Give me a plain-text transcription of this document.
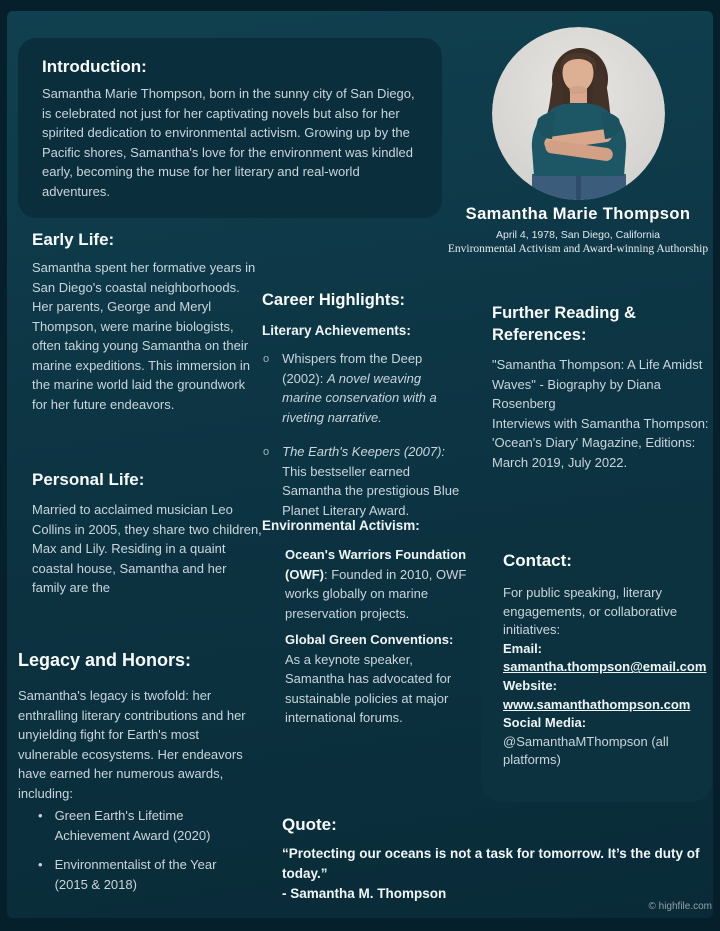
Introduction:
Samantha Marie Thompson, born in the sunny city of San Diego, is celebrated not just for her captivating novels but also for her spirited dedication to environmental activism. Growing up by the Pacific shores, Samantha's love for the environment was kindled early, becoming the muse for her literary and real-world adventures.
Samantha Marie Thompson
April 4, 1978, San Diego, California
Environmental Activism and Award-winning Authorship
Early Life:
Samantha spent her formative years in San Diego's coastal neighborhoods. Her parents, George and Meryl Thompson, were marine biologists, often taking young Samantha on their marine expeditions. This immersion in the marine world laid the groundwork for her future endeavors.
Personal Life:
Married to acclaimed musician Leo Collins in 2005, they share two children, Max and Lily. Residing in a quaint coastal house, Samantha and her family are the
Legacy and Honors:
Samantha's legacy is twofold: her enthralling literary contributions and her unyielding fight for Earth's most vulnerable ecosystems. Her endeavors have earned her numerous awards, including:
• Green Earth's Lifetime Achievement Award (2020)
• Environmentalist of the Year (2015 & 2018)
Career Highlights:
Literary Achievements:
o Whispers from the Deep (2002): A novel weaving marine conservation with a riveting narrative.
o The Earth's Keepers (2007): This bestseller earned Samantha the prestigious Blue Planet Literary Award.
Environmental Activism:
Ocean's Warriors Foundation (OWF): Founded in 2010, OWF works globally on marine preservation projects.
Global Green Conventions: As a keynote speaker, Samantha has advocated for sustainable policies at major international forums.
Further Reading & References:
"Samantha Thompson: A Life Amidst Waves" - Biography by Diana Rosenberg
Interviews with Samantha Thompson: 'Ocean's Diary' Magazine, Editions: March 2019, July 2022.
Contact:
For public speaking, literary engagements, or collaborative initiatives:
Email:
samantha.thompson@email.com
Website:
www.samanthathompson.com
Social Media:
@SamanthaMThompson (all platforms)
Quote:
“Protecting our oceans is not a task for tomorrow. It’s the duty of today.”
- Samantha M. Thompson
© highfile.com
